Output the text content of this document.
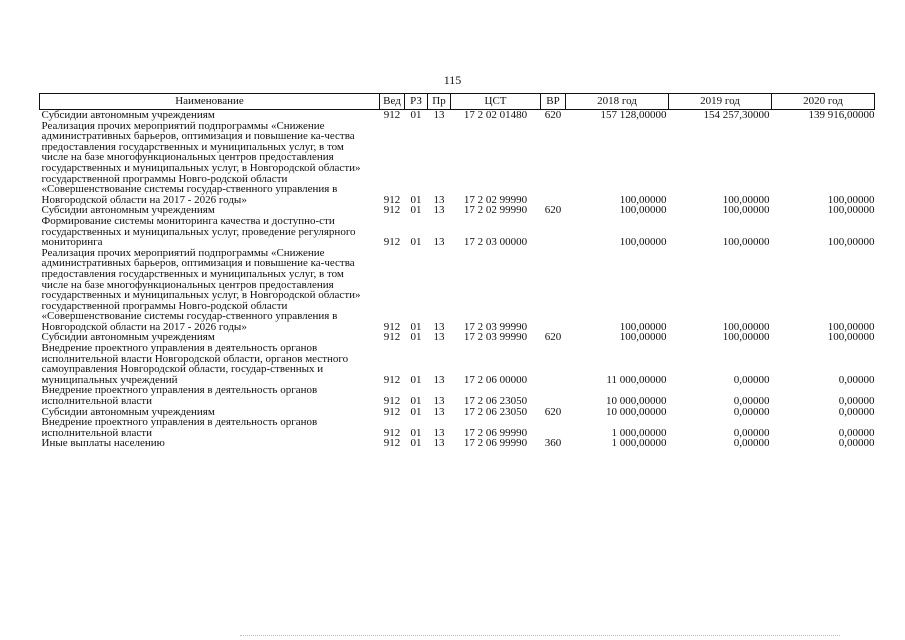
115
Наименование	Вед	РЗ	Пр	ЦСТ	ВР	2018 год	2019 год	2020 год
Субсидии автономным учреждениям	912	01	13	17 2 02 01480	620	157 128,00000	154 257,30000	139 916,00000
Реализация прочих мероприятий подпрограммы «Снижение административных барьеров, оптимизация и повышение ка-чества предоставления государственных и муниципальных услуг, в том числе на базе многофункциональных центров предоставления государственных и муниципальных услуг, в Новгородской области» государственной программы Новго-родской области «Совершенствование системы государ-ственного управления в Новгородской области на 2017 - 2026 годы»	912	01	13	17 2 02 99990		100,00000	100,00000	100,00000
Субсидии автономным учреждениям	912	01	13	17 2 02 99990	620	100,00000	100,00000	100,00000
Формирование системы мониторинга качества и доступно-сти государственных и муниципальных услуг, проведение регулярного мониторинга	912	01	13	17 2 03 00000		100,00000	100,00000	100,00000
Реализация прочих мероприятий подпрограммы «Снижение административных барьеров, оптимизация и повышение ка-чества предоставления государственных и муниципальных услуг, в том числе на базе многофункциональных центров предоставления государственных и муниципальных услуг, в Новгородской области» государственной программы Новго-родской области «Совершенствование системы государ-ственного управления в Новгородской области на 2017 - 2026 годы»	912	01	13	17 2 03 99990		100,00000	100,00000	100,00000
Субсидии автономным учреждениям	912	01	13	17 2 03 99990	620	100,00000	100,00000	100,00000
Внедрение проектного управления в деятельность органов исполнительной власти Новгородской области, органов местного самоуправления Новгородской области, государ-ственных и муниципальных учреждений	912	01	13	17 2 06 00000		11 000,00000	0,00000	0,00000
Внедрение проектного управления в деятельность органов исполнительной власти	912	01	13	17 2 06 23050		10 000,00000	0,00000	0,00000
Субсидии автономным учреждениям	912	01	13	17 2 06 23050	620	10 000,00000	0,00000	0,00000
Внедрение проектного управления в деятельность органов исполнительной власти	912	01	13	17 2 06 99990		1 000,00000	0,00000	0,00000
Иные выплаты населению	912	01	13	17 2 06 99990	360	1 000,00000	0,00000	0,00000
